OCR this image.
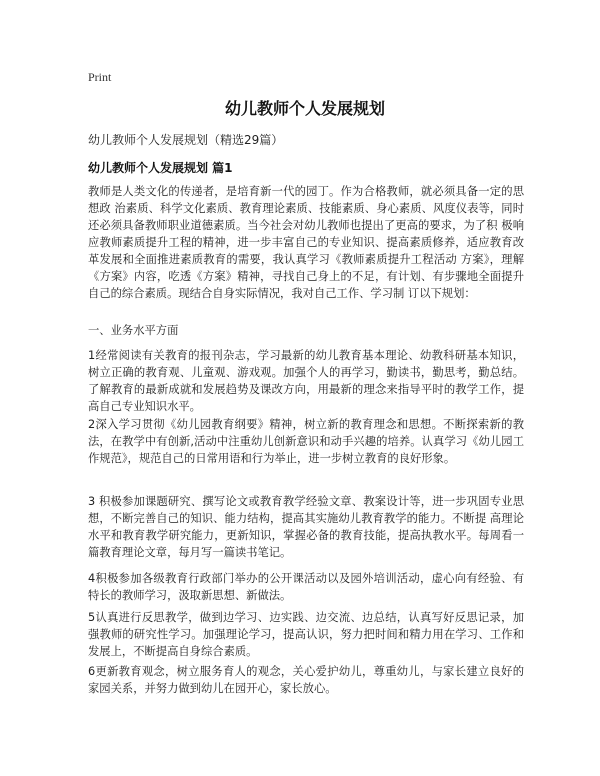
Print
幼儿教师个人发展规划
幼儿教师个人发展规划（精选29篇）
幼儿教师个人发展规划 篇1

教师是人类文化的传递者，是培育新一代的园丁。作为合格教师，就必须具备一定的思想政 治素质、科学文化素质、教育理论素质、技能素质、身心素质、风度仪表等，同时还必须具备教师职业道德素质。当今社会对幼儿教师也提出了更高的要求，为了积 极响应教师素质提升工程的精神，进一步丰富自己的专业知识、提高素质修养，适应教育改革发展和全面推进素质教育的需要，我认真学习《教师素质提升工程活动 方案》，理解《方案》内容，吃透《方案》精神，寻找自己身上的不足，有计划、有步骤地全面提升自己的综合素质。现结合自身实际情况，我对自己工作、学习制 订以下规划：

一、业务水平方面

1经常阅读有关教育的报刊杂志，学习最新的幼儿教育基本理论、幼教科研基本知识，树立正确的教育观、儿童观、游戏观。加强个人的再学习，勤读书，勤思考，勤总结。了解教育的最新成就和发展趋势及课改方向，用最新的理念来指导平时的教学工作，提高自己专业知识水平。

2深入学习贯彻《幼儿园教育纲要》精神，树立新的教育理念和思想。不断探索新的教法，在教学中有创新,活动中注重幼儿创新意识和动手兴趣的培养。认真学习《幼儿园工作规范》，规范自己的日常用语和行为举止，进一步树立教育的良好形象。

3 积极参加课题研究、撰写论文或教育教学经验文章、教案设计等，进一步巩固专业思想，不断完善自己的知识、能力结构，提高其实施幼儿教育教学的能力。不断提 高理论水平和教育教学研究能力，更新知识，掌握必备的教育技能，提高执教水平。每周看一篇教育理论文章，每月写一篇读书笔记。

4积极参加各级教育行政部门举办的公开课活动以及园外培训活动，虚心向有经验、有特长的教师学习，汲取新思想、新做法。

5认真进行反思教学，做到边学习、边实践、边交流、边总结，认真写好反思记录，加强教师的研究性学习。加强理论学习，提高认识，努力把时间和精力用在学习、工作和发展上，不断提高自身综合素质。

6更新教育观念，树立服务育人的观念，关心爱护幼儿，尊重幼儿，与家长建立良好的家园关系，并努力做到幼儿在园开心，家长放心。
